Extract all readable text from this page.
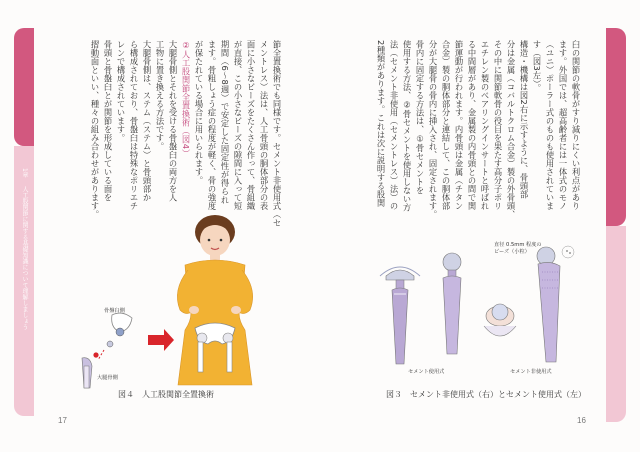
1章
人工股関節に関する基礎知識について理解しましょう
節全置換術でも同様です。セメント非使用式（セ
メントレス）法は、人工骨頭の胴体部分の表
面に小さなビーズをたくさん作って、骨組織
が直接、この小さなビーズの隙間に入って短
期間（6〜8週）で安定した固定性が得られ
ます。骨粗しょう症の程度が軽く、骨の強度
が保たれている場合に用いられます。
②人工股関節全置換術（図4）
大腿骨側とそれを受ける骨盤臼の両方を人
工物に置き換える方法です。
大腿骨側は、ステム（ステム）と骨頭部か
ら構成されており、骨盤臼は特殊なポリエチ
レンで構成されています。
骨頭と骨盤臼とが関節を形成している面を
摺動面といい、種々の組み合わせがあります。
骨盤臼側
大腿骨側
図４　人工股関節全置換術
17
臼の関節の軟骨がすり減りにくい利点があり
ます。外国では、超高齢者には一体式のモノ
（ユニ）ポーラー式のものも使用されていま
す（図3左）。
構造・機構は図2右に示すように、骨頭部
分は金属（コバルトクロム合金）製の外骨頭、
その中に関節軟骨の役目を果たす高分子ポリ
エチレン製のベアリングインサートと呼ばれ
る中間層があり、金属製の内骨頭との間で関
節運動が行われます。内骨頭は金属（チタン
合金）製の胴体部分と連結して、この胴体部
分が大腿骨の骨内に挿入され、固定されます。
骨内に固定する方法は、①骨セメントを
使用する方法、②骨セメントを使用しない方
法（セメント非使用（セメントレス）法）の
2種類があります。これは次に説明する股関
直径 0.5mm 程度の
ビーズ（小粒）
セメント使用式	セメント非使用式
図３　セメント非使用式（右）とセメント使用式（左）
16
